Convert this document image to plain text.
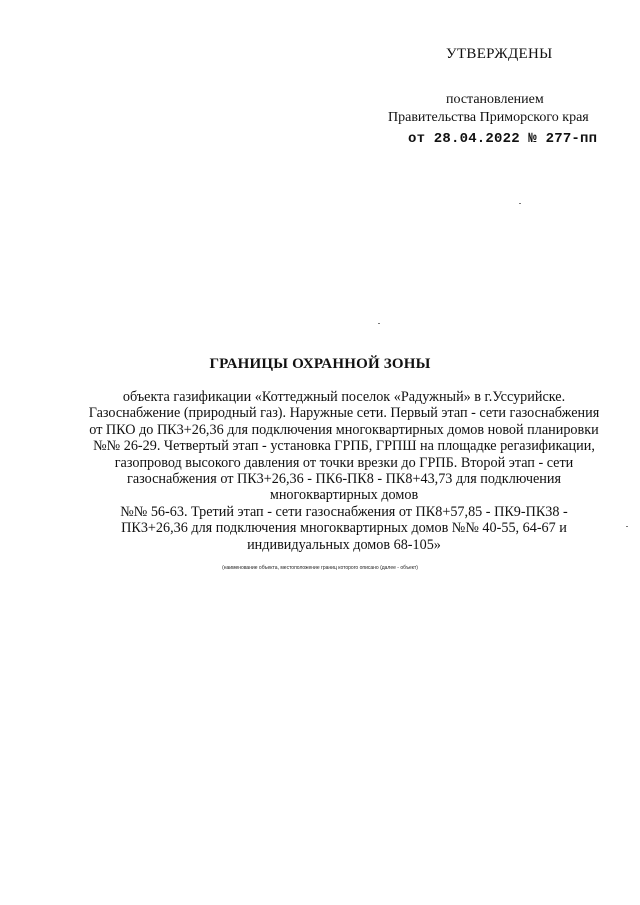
УТВЕРЖДЕНЫ
постановлением
Правительства Приморского края
от 28.04.2022 № 277-пп
ГРАНИЦЫ ОХРАННОЙ ЗОНЫ
объекта газификации «Коттеджный поселок «Радужный» в г.Уссурийске.
Газоснабжение (природный газ). Наружные сети. Первый этап - сети газоснабжения
от ПКО до ПК3+26,36 для подключения многоквартирных домов новой планировки
№№ 26-29. Четвертый этап - установка ГРПБ, ГРПШ на площадке регазификации,
газопровод высокого давления от точки врезки до ГРПБ. Второй этап - сети
газоснабжения от ПК3+26,36 - ПК6-ПК8 - ПК8+43,73 для подключения
многоквартирных домов
№№ 56-63. Третий этап - сети газоснабжения от ПК8+57,85 - ПК9-ПК38 -
ПК3+26,36 для подключения многоквартирных домов №№ 40-55, 64-67 и
индивидуальных домов 68-105»
(наименование объекта, местоположение границ которого описано (далее - объект)
